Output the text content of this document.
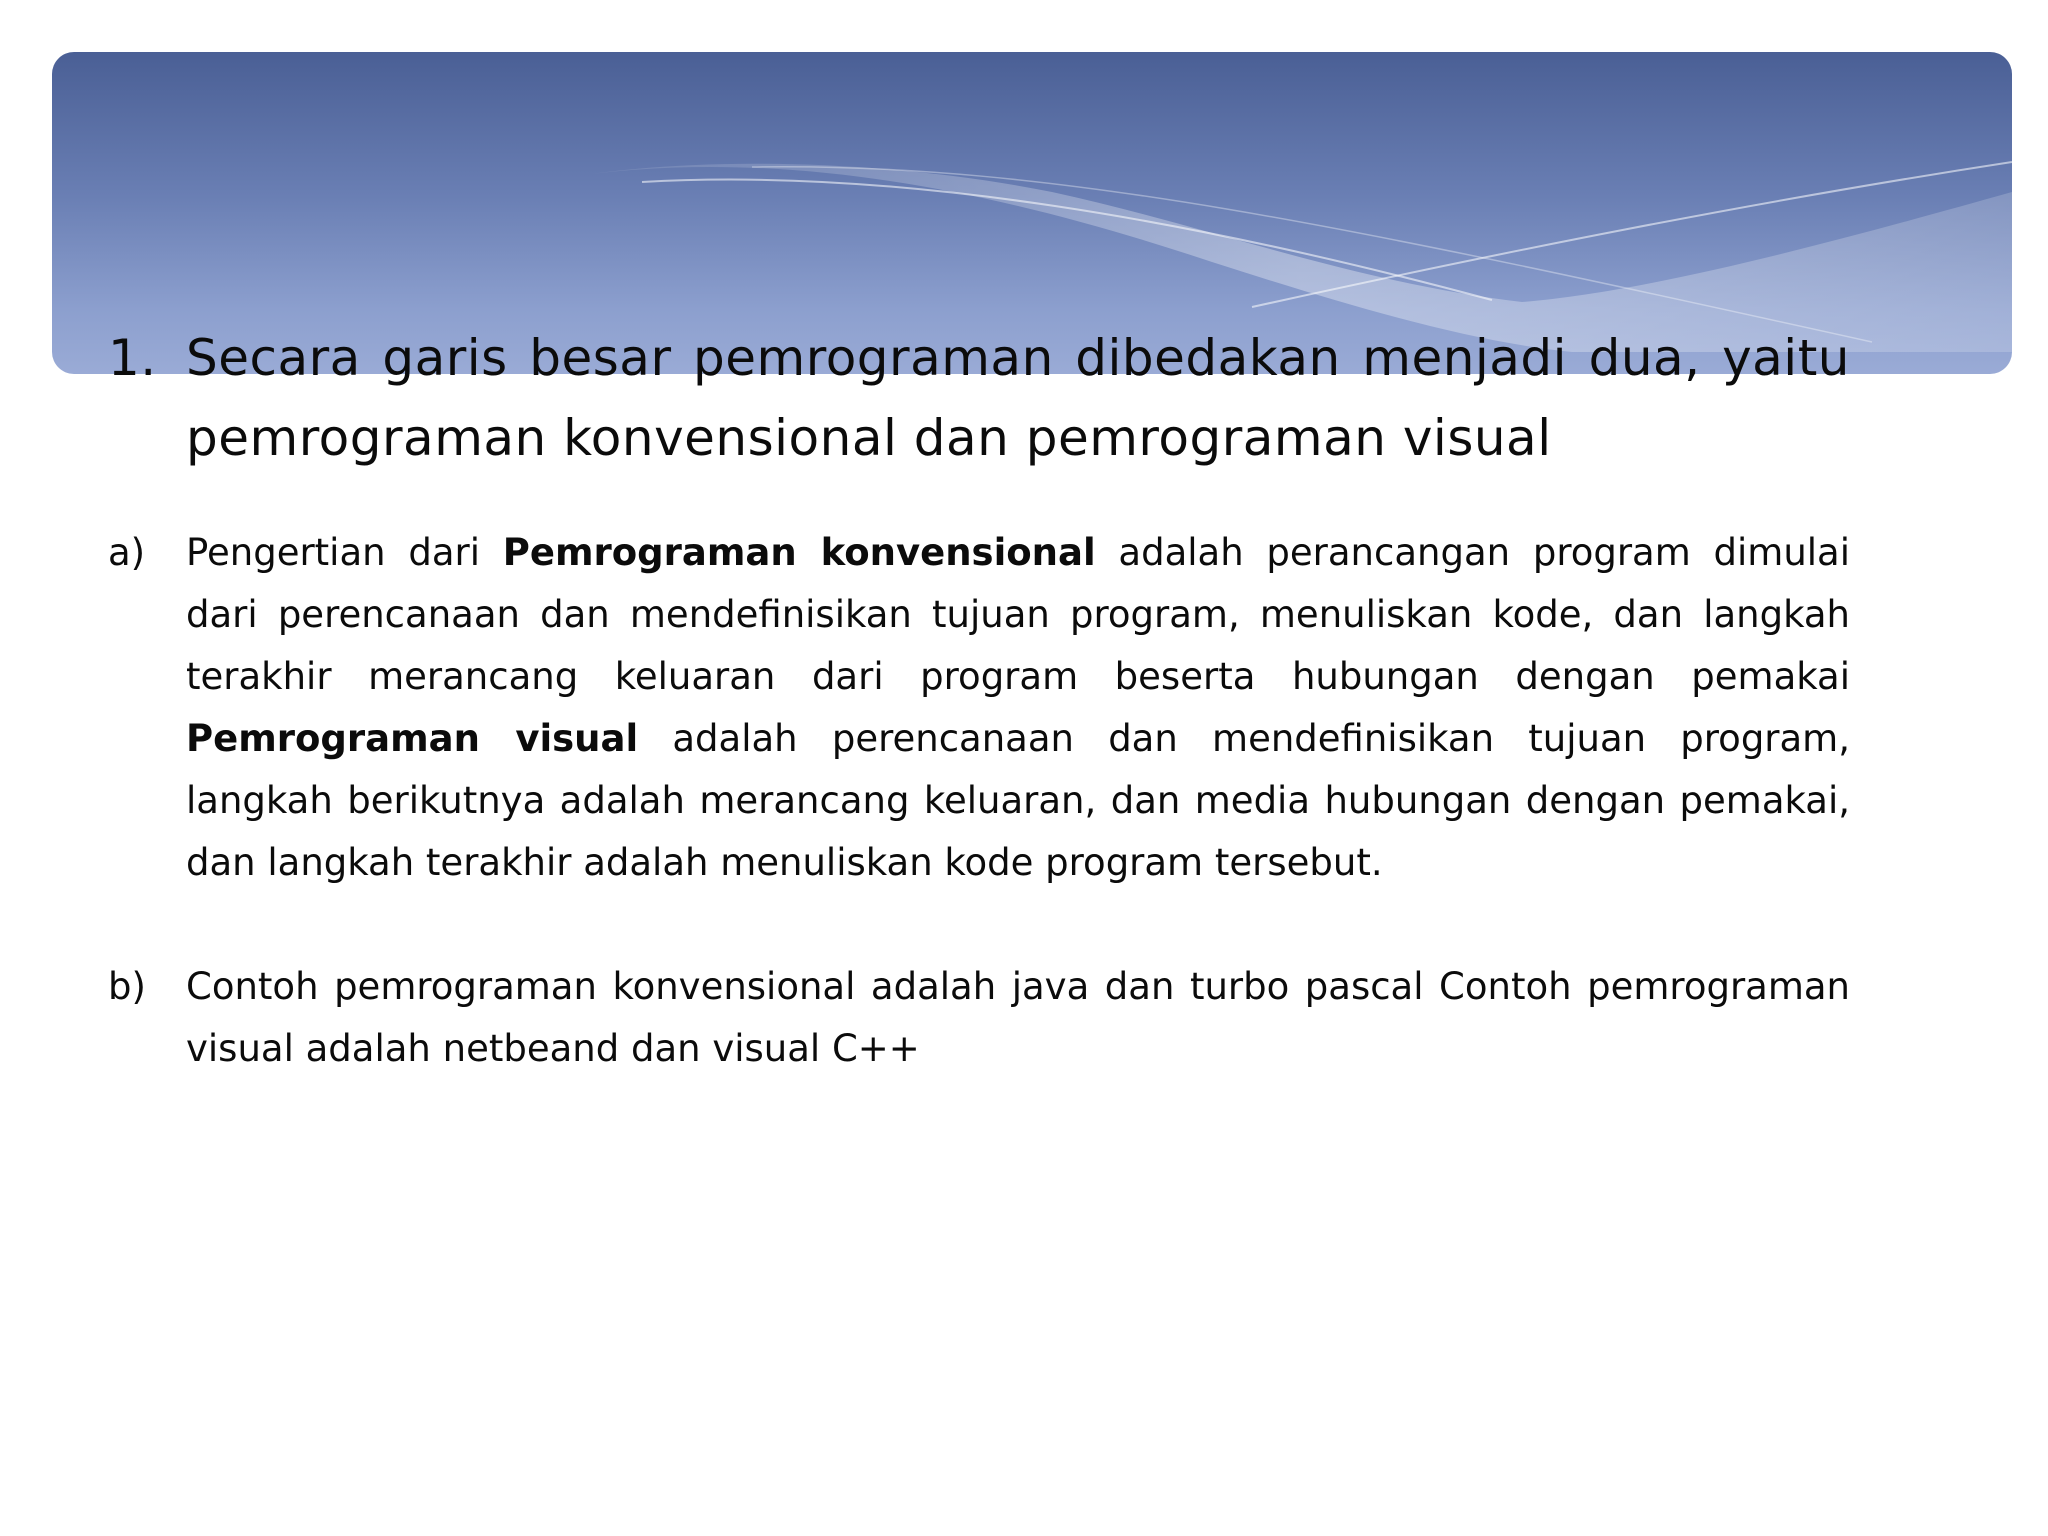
1. Secara garis besar pemrograman dibedakan menjadi dua, yaitu pemrograman konvensional dan pemrograman visual
a)	Pengertian dari Pemrograman konvensional adalah perancangan program dimulai dari perencanaan dan mendefinisikan tujuan program, menuliskan kode, dan langkah terakhir merancang keluaran dari program beserta hubungan dengan pemakai Pemrograman visual adalah perencanaan dan mendefinisikan tujuan program, langkah berikutnya adalah merancang keluaran, dan media hubungan dengan pemakai, dan langkah terakhir adalah menuliskan kode program tersebut.
b)	Contoh pemrograman konvensional adalah java dan turbo pascal Contoh pemrograman visual adalah netbeand dan visual C++
